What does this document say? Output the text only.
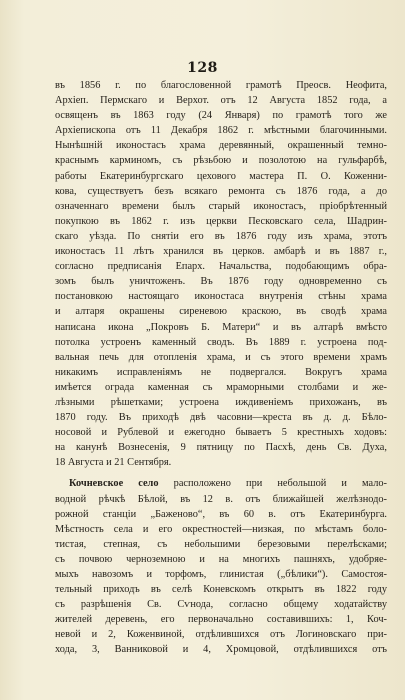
128
въ 1856 г. по благословенной грамотѣ Преосв. Неофита,
Архіеп. Пермскаго и Верхот. отъ 12 Августа 1852 года, а
освященъ въ 1863 году (24 Января) по грамотѣ того же
Архіепископа отъ 11 Декабря 1862 г. мѣстными благочинными.
Нынѣшній иконостасъ храма деревянный, окрашенный темно-
краснымъ карминомъ, съ рѣзьбою и позолотою на гульфарбѣ,
работы Екатеринбургскаго цехового мастера П. О. Коженни-
кова, существуетъ безъ всякаго ремонта съ 1876 года, а до
означеннаго времени былъ старый иконостасъ, пріобрѣтенный
покупкою въ 1862 г. изъ церкви Песковскаго села, Шадрин-
скаго уѣзда. По снятіи его въ 1876 году изъ храма, этотъ
иконостасъ 11 лѣтъ хранился въ церков. амбарѣ и въ 1887 г.,
согласно предписанія Епарх. Начальства, подобающимъ обра-
зомъ былъ уничтоженъ. Въ 1876 году одновременно съ
постановкою настоящаго иконостаса внутренія стѣны храма
и алтаря окрашены сиреневою краскою, въ сводѣ храма
написана икона „Покровъ Б. Матери“ и въ алтарѣ вмѣсто
потолка устроенъ каменный сводъ. Въ 1889 г. устроена под-
вальная печь для отопленія храма, и съ этого времени храмъ
никакимъ исправленіямъ не подвергался. Вокругъ храма
имѣется ограда каменная съ мраморными столбами и же-
лѣзными рѣшетками; устроена иждивеніемъ прихожанъ, въ
1870 году. Въ приходѣ двѣ часовни—креста въ д. д. Бѣло-
носовой и Рублевой и ежегодно бываетъ 5 крестныхъ ходовъ:
на канунѣ Вознесенія, 9 пятницу по Пасхѣ, день Св. Духа,
18 Августа и 21 Сентября.
Кочневское село расположено при небольшой и мало-
водной рѣчкѣ Бѣлой, въ 12 в. отъ ближайшей желѣзнодо-
рожной станціи „Баженово“, въ 60 в. отъ Екатеринбурга.
Мѣстность села и его окрестностей—низкая, по мѣстамъ боло-
тистая, степная, съ небольшими березовыми перелѣсками;
съ почвою черноземною и на многихъ пашняхъ, удобряе-
мыхъ навозомъ и торфомъ, глинистая („бѣлики“). Самостоя-
тельный приходъ въ селѣ Коневскомъ открытъ въ 1822 году
съ разрѣшенія Св. Сѵнода, согласно общему ходатайству
жителей деревень, его первоначально составившихъ: 1, Коч-
невой и 2, Коженвиной, отдѣлившихся отъ Логиновскаго при-
хода, 3, Ванниковой и 4, Хромцовой, отдѣлившихся отъ
